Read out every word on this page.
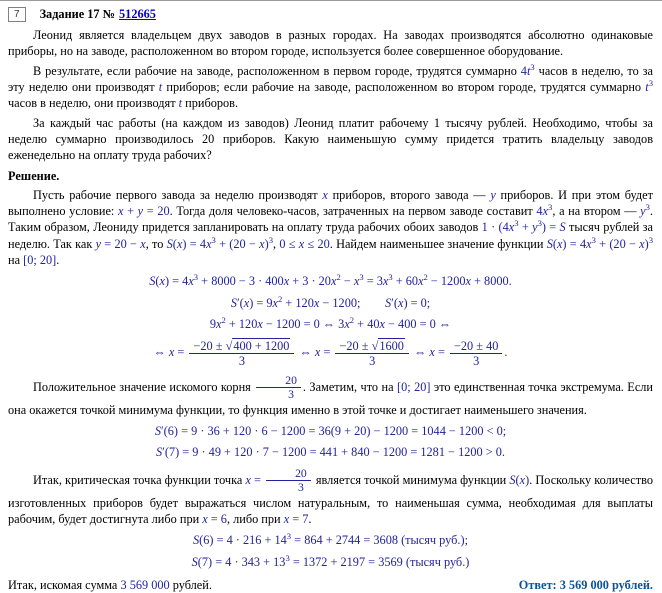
7	Задание 17 № 512665

Леонид является владельцем двух заводов в разных городах. На заводах производятся абсолютно одинаковые приборы, но на заводе, расположенном во втором городе, используется более совершенное оборудование.

В результате, если рабочие на заводе, расположенном в первом городе, трудятся суммарно $4t^3$ часов в неделю, то за эту неделю они производят t приборов; если рабочие на заводе, расположенном во втором городе, трудятся суммарно $t^3$ часов в неделю, они производят t приборов.

За каждый час работы (на каждом из заводов) Леонид платит рабочему 1 тысячу рублей. Необходимо, чтобы за неделю суммарно производилось 20 приборов. Какую наименьшую сумму придется тратить владельцу заводов еженедельно на оплату труда рабочих?

Решение.

Пусть рабочие первого завода за неделю производят x приборов, второго завода — y приборов. И при этом будет выполнено условие: x + y = 20. Тогда доля человеко-часов, затраченных на первом заводе составит $4x^3$, а на втором — $y^3$. Таким образом, Леониду придется запланировать на оплату труда рабочих обоих заводов $1 \cdot (4x^3 + y^3) = S$ тысяч рублей за неделю. Так как y = 20 − x, то $S(x) = 4x^3 + (20 - x)^3$, 0 ≤ x ≤ 20. Найдем наименьшее значение функции $S(x) = 4x^3 + (20 - x)^3$ на [0; 20].

$S(x) = 4x^3 + 8000 - 3 \cdot 400x + 3 \cdot 20x^2 - x^3 = 3x^3 + 60x^2 - 1200x + 8000$.
$S'(x) = 9x^2 + 120x - 1200$;  S′(x) = 0;
$9x^2 + 120x - 1200 = 0$ ⇔ $3x^2 + 40x - 400 = 0$ ⇔
⇔ $x = \frac{-20 \pm √400 + 1200}{3}$ ⇔ $x = \frac{-20 \pm √1600}{3}$ ⇔ $x = \frac{-20 \pm 40}{3}$ .

Положительное значение искомого корня $\frac{20}{3}$ . Заметим, что на [0; 20] это единственная точка экстремума. Если она окажется точкой минимума функции, то функция именно в этой точке и достигает наименьшего значения.

S′(6) = 9 · 36 + 120 · 6 − 1200 = 36(9 + 20) − 1200 = 1044 − 1200 < 0;
S′(7) = 9 · 49 + 120 · 7 − 1200 = 441 + 840 − 1200 = 1281 − 1200 > 0.

Итак, критическая точка функции точка $x = \frac{20}{3}$ является точкой минимума функции S(x). Поскольку количество изготовленных приборов будет выражаться числом натуральным, то наименьшая сумма, необходимая для выплаты рабочим, будет достигнута либо при x = 6, либо при x = 7.

$S(6) = 4 \cdot 216 + 14^3 = 864 + 2744 = 3608$ (тысяч руб.);
$S(7) = 4 \cdot 343 + 13^3 = 1372 + 2197 = 3569$ (тысяч руб.)
Итак, искомая сумма 3 569 000 рублей.	Ответ: 3 569 000 рублей.
